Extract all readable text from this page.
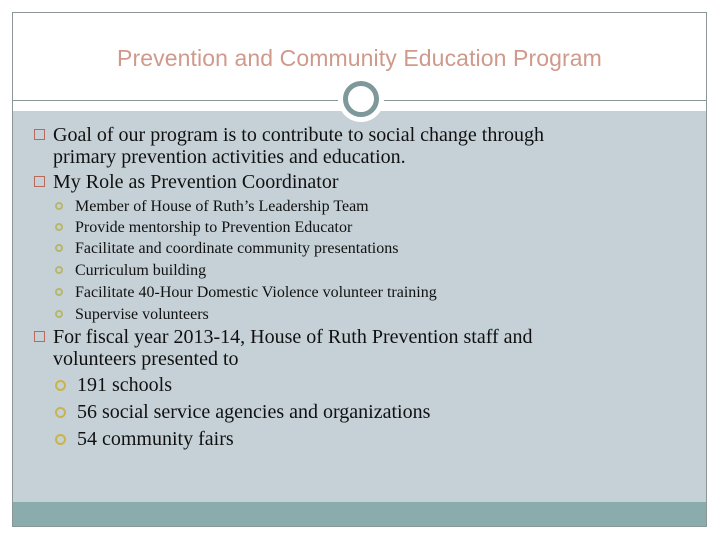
Prevention and Community Education Program
Goal of our program is to contribute to social change through
primary prevention activities and education.
My Role as Prevention Coordinator
Member of House of Ruth’s Leadership Team
Provide mentorship to Prevention Educator
Facilitate and coordinate community presentations
Curriculum building
Facilitate 40-Hour Domestic Violence volunteer training
Supervise volunteers
For fiscal year 2013-14, House of Ruth Prevention staff and
volunteers presented to
191 schools
56 social service agencies and organizations
54 community fairs
